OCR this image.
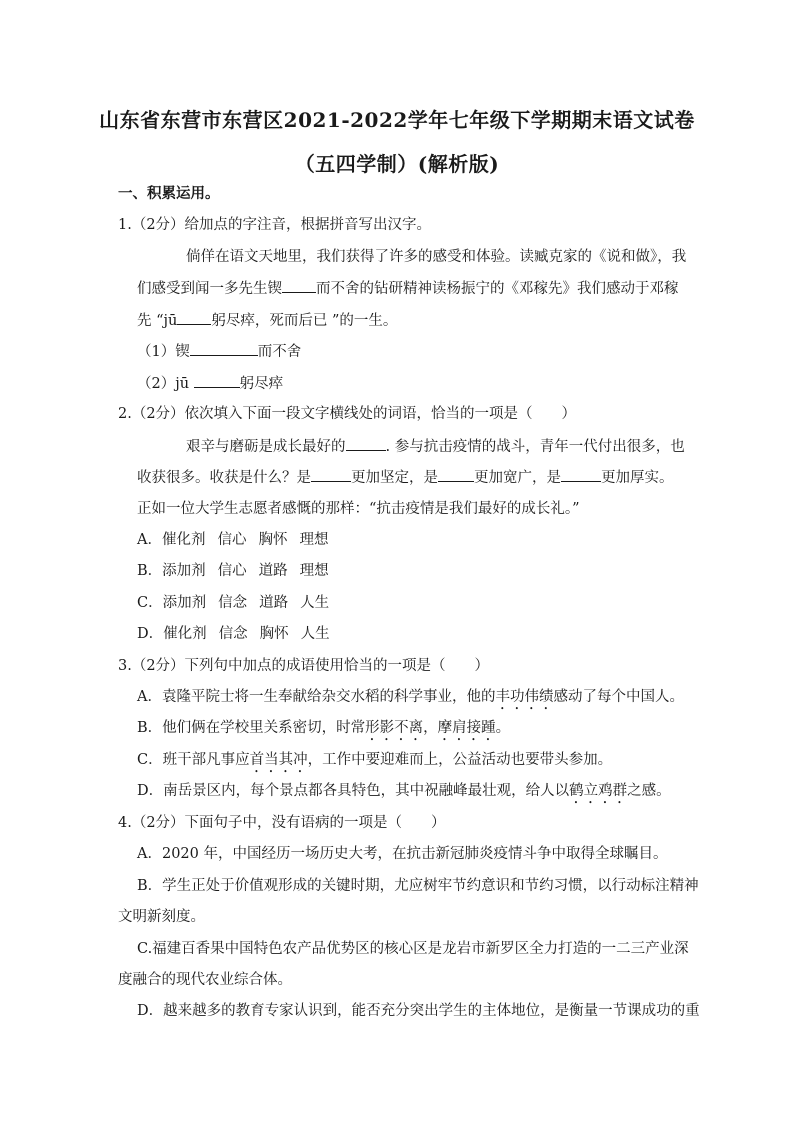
山东省东营市东营区2021-2022学年七年级下学期期末语文试卷
（五四学制）(解析版)
一、积累运用。
1.（2分）给加点的字注音，根据拼音写出汉字。
倘佯在语文天地里，我们获得了许多的感受和体验。读臧克家的《说和做》，我
们感受到闻一多先生锲 而不舍的钻研精神读杨振宁的《邓稼先》我们感动于邓稼
先 “jū 躬尽瘁，死而后已 ”的一生。
（1）锲	而不舍
（2）jū	躬尽瘁
2.（2分）依次填入下面一段文字横线处的词语，恰当的一项是（　　）
艰辛与磨砺是成长最好的	. 参与抗击疫情的战斗，青年一代付出很多，也
收获很多。收获是什么？是	更加坚定，是 更加宽广，是	更加厚实。
正如一位大学生志愿者感慨的那样：“抗击疫情是我们最好的成长礼。”
A．催化剂 信心 胸怀 理想
B．添加剂 信心 道路 理想
C．添加剂 信念 道路 人生
D．催化剂 信念 胸怀 人生
3.（2分）下列句中加点的成语使用恰当的一项是（　　）
A．袁隆平院士将一生奉献给杂交水稻的科学事业，他的丰功伟绩感动了每个中国人。
B．他们俩在学校里关系密切，时常形影不离，摩肩接踵。
C．班干部凡事应首当其冲，工作中要迎难而上，公益活动也要带头参加。
D．南岳景区内，每个景点都各具特色，其中祝融峰最壮观，给人以鹤立鸡群之感。
4.（2分）下面句子中，没有语病的一项是（　　）
A．2020 年，中国经历一场历史大考，在抗击新冠肺炎疫情斗争中取得全球瞩目。
B．学生正处于价值观形成的关键时期，尤应树牢节约意识和节约习惯，以行动标注精神
文明新刻度。
C.福建百香果中国特色农产品优势区的核心区是龙岩市新罗区全力打造的一二三产业深
度融合的现代农业综合体。
D．越来越多的教育专家认识到，能否充分突出学生的主体地位，是衡量一节课成功的重
